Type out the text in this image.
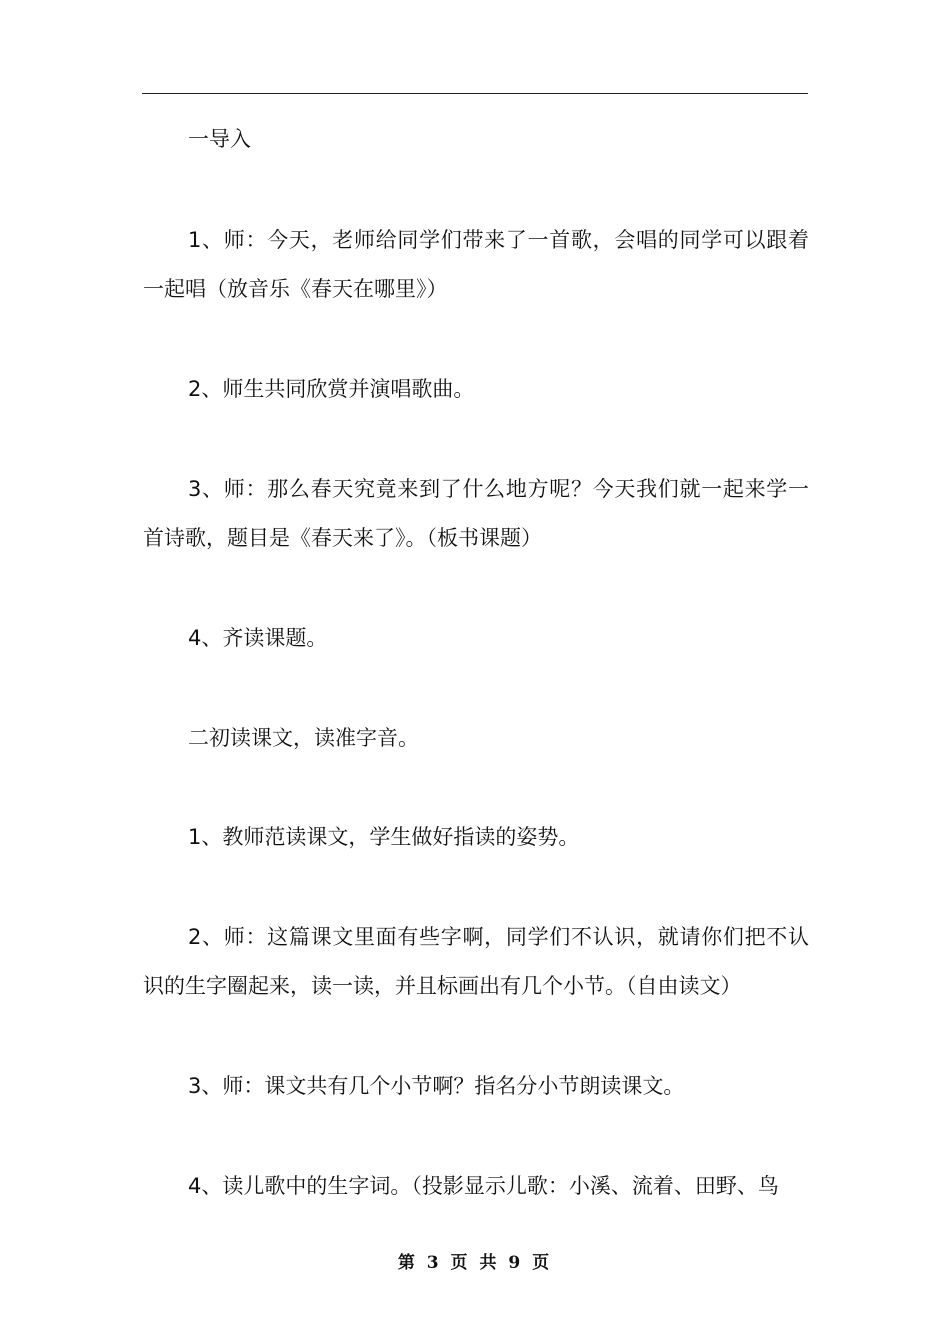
一导入

1、师：今天，老师给同学们带来了一首歌，会唱的同学可以跟着一起唱（放音乐《春天在哪里》）

2、师生共同欣赏并演唱歌曲。

3、师：那么春天究竟来到了什么地方呢？今天我们就一起来学一首诗歌，题目是《春天来了》。（板书课题）

4、齐读课题。

二初读课文，读准字音。

1、教师范读课文，学生做好指读的姿势。

2、师：这篇课文里面有些字啊，同学们不认识，就请你们把不认识的生字圈起来，读一读，并且标画出有几个小节。（自由读文）

3、师：课文共有几个小节啊？指名分小节朗读课文。

4、读儿歌中的生字词。（投影显示儿歌：小溪、流着、田野、鸟

第 3 页 共 9 页
